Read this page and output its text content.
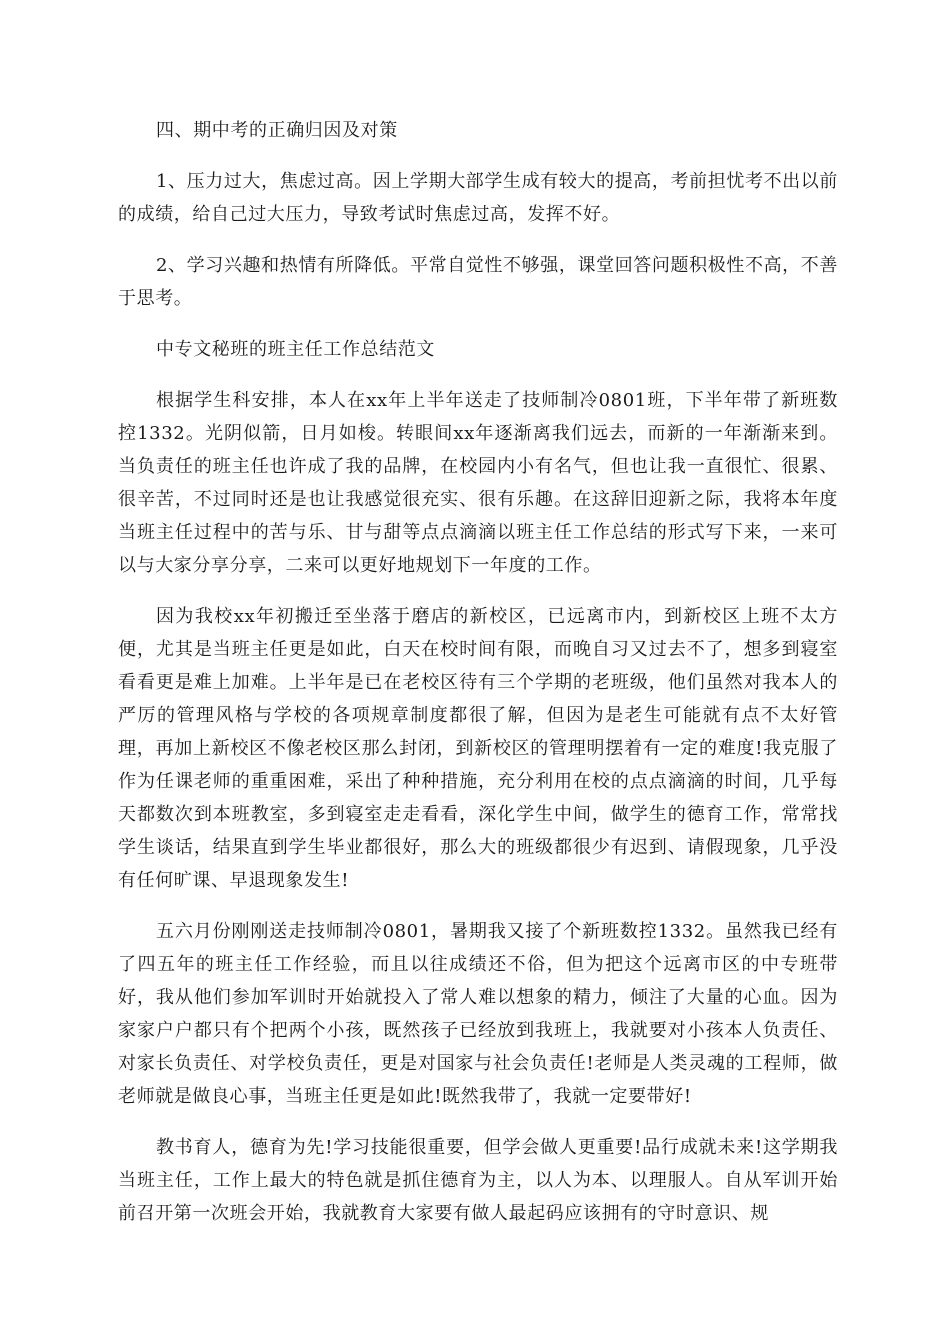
四、期中考的正确归因及对策

1、压力过大，焦虑过高。因上学期大部学生成有较大的提高，考前担忧考不出以前的成绩，给自己过大压力，导致考试时焦虑过高，发挥不好。

2、学习兴趣和热情有所降低。平常自觉性不够强，课堂回答问题积极性不高，不善于思考。

中专文秘班的班主任工作总结范文

根据学生科安排，本人在xx年上半年送走了技师制冷0801班，下半年带了新班数控1332。光阴似箭，日月如梭。转眼间xx年逐渐离我们远去，而新的一年渐渐来到。当负责任的班主任也许成了我的品牌，在校园内小有名气，但也让我一直很忙、很累、很辛苦，不过同时还是也让我感觉很充实、很有乐趣。在这辞旧迎新之际，我将本年度当班主任过程中的苦与乐、甘与甜等点点滴滴以班主任工作总结的形式写下来，一来可以与大家分享分享，二来可以更好地规划下一年度的工作。

因为我校xx年初搬迁至坐落于磨店的新校区，已远离市内，到新校区上班不太方便，尤其是当班主任更是如此，白天在校时间有限，而晚自习又过去不了，想多到寝室看看更是难上加难。上半年是已在老校区待有三个学期的老班级，他们虽然对我本人的严厉的管理风格与学校的各项规章制度都很了解，但因为是老生可能就有点不太好管理，再加上新校区不像老校区那么封闭，到新校区的管理明摆着有一定的难度!我克服了作为任课老师的重重困难，采出了种种措施，充分利用在校的点点滴滴的时间，几乎每天都数次到本班教室，多到寝室走走看看，深化学生中间，做学生的德育工作，常常找学生谈话，结果直到学生毕业都很好，那么大的班级都很少有迟到、请假现象，几乎没有任何旷课、早退现象发生!

五六月份刚刚送走技师制冷0801，暑期我又接了个新班数控1332。虽然我已经有了四五年的班主任工作经验，而且以往成绩还不俗，但为把这个远离市区的中专班带好，我从他们参加军训时开始就投入了常人难以想象的精力，倾注了大量的心血。因为家家户户都只有个把两个小孩，既然孩子已经放到我班上，我就要对小孩本人负责任、对家长负责任、对学校负责任，更是对国家与社会负责任!老师是人类灵魂的工程师，做老师就是做良心事，当班主任更是如此!既然我带了，我就一定要带好!

教书育人，德育为先!学习技能很重要，但学会做人更重要!品行成就未来!这学期我当班主任，工作上最大的特色就是抓住德育为主，以人为本、以理服人。自从军训开始前召开第一次班会开始，我就教育大家要有做人最起码应该拥有的守时意识、规
